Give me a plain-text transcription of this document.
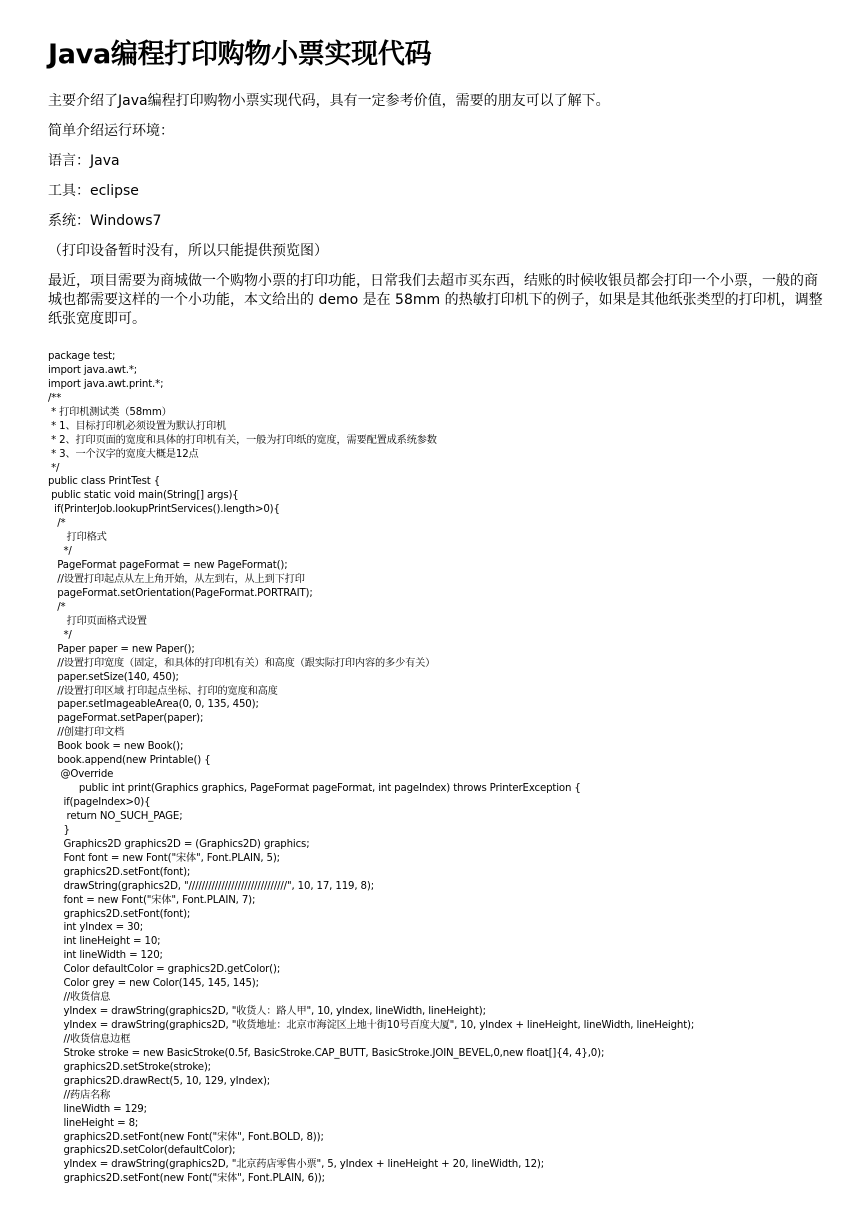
Java编程打印购物小票实现代码

主要介绍了Java编程打印购物小票实现代码，具有一定参考价值，需要的朋友可以了解下。

简单介绍运行环境：

语言：Java

工具：eclipse

系统：Windows7

（打印设备暂时没有，所以只能提供预览图）

最近，项目需要为商城做一个购物小票的打印功能，日常我们去超市买东西，结账的时候收银员都会打印一个小票，一般的商城也都需要这样的一个小功能，本文给出的 demo 是在 58mm 的热敏打印机下的例子，如果是其他纸张类型的打印机，调整纸张宽度即可。

package test;
import java.awt.*;
import java.awt.print.*;
/**
* 打印机测试类（58mm）
* 1、目标打印机必须设置为默认打印机
* 2、打印页面的宽度和具体的打印机有关，一般为打印纸的宽度，需要配置成系统参数
* 3、一个汉字的宽度大概是12点
*/
public class PrintTest {
public static void main(String[] args){
if(PrinterJob.lookupPrintServices().length>0){
/*
打印格式
*/
PageFormat pageFormat = new PageFormat();
//设置打印起点从左上角开始，从左到右，从上到下打印
pageFormat.setOrientation(PageFormat.PORTRAIT);
/*
打印页面格式设置
*/
Paper paper = new Paper();
//设置打印宽度（固定，和具体的打印机有关）和高度（跟实际打印内容的多少有关）
paper.setSize(140, 450);
//设置打印区域 打印起点坐标、打印的宽度和高度
paper.setImageableArea(0, 0, 135, 450);
pageFormat.setPaper(paper);
//创建打印文档
Book book = new Book();
book.append(new Printable() {
@Override
public int print(Graphics graphics, PageFormat pageFormat, int pageIndex) throws PrinterException {
if(pageIndex>0){
return NO_SUCH_PAGE;
}
Graphics2D graphics2D = (Graphics2D) graphics;
Font font = new Font("宋体", Font.PLAIN, 5);
graphics2D.setFont(font);
drawString(graphics2D, "//////////////////////////////", 10, 17, 119, 8);
font = new Font("宋体", Font.PLAIN, 7);
graphics2D.setFont(font);
int yIndex = 30;
int lineHeight = 10;
int lineWidth = 120;
Color defaultColor = graphics2D.getColor();
Color grey = new Color(145, 145, 145);
//收货信息
yIndex = drawString(graphics2D, "收货人：路人甲", 10, yIndex, lineWidth, lineHeight);
yIndex = drawString(graphics2D, "收货地址：北京市海淀区上地十街10号百度大厦", 10, yIndex + lineHeight, lineWidth, lineHeight);
//收货信息边框
Stroke stroke = new BasicStroke(0.5f, BasicStroke.CAP_BUTT, BasicStroke.JOIN_BEVEL,0,new float[]{4, 4},0);
graphics2D.setStroke(stroke);
graphics2D.drawRect(5, 10, 129, yIndex);
//药店名称
lineWidth = 129;
lineHeight = 8;
graphics2D.setFont(new Font("宋体", Font.BOLD, 8));
graphics2D.setColor(defaultColor);
yIndex = drawString(graphics2D, "北京药店零售小票", 5, yIndex + lineHeight + 20, lineWidth, 12);
graphics2D.setFont(new Font("宋体", Font.PLAIN, 6));
